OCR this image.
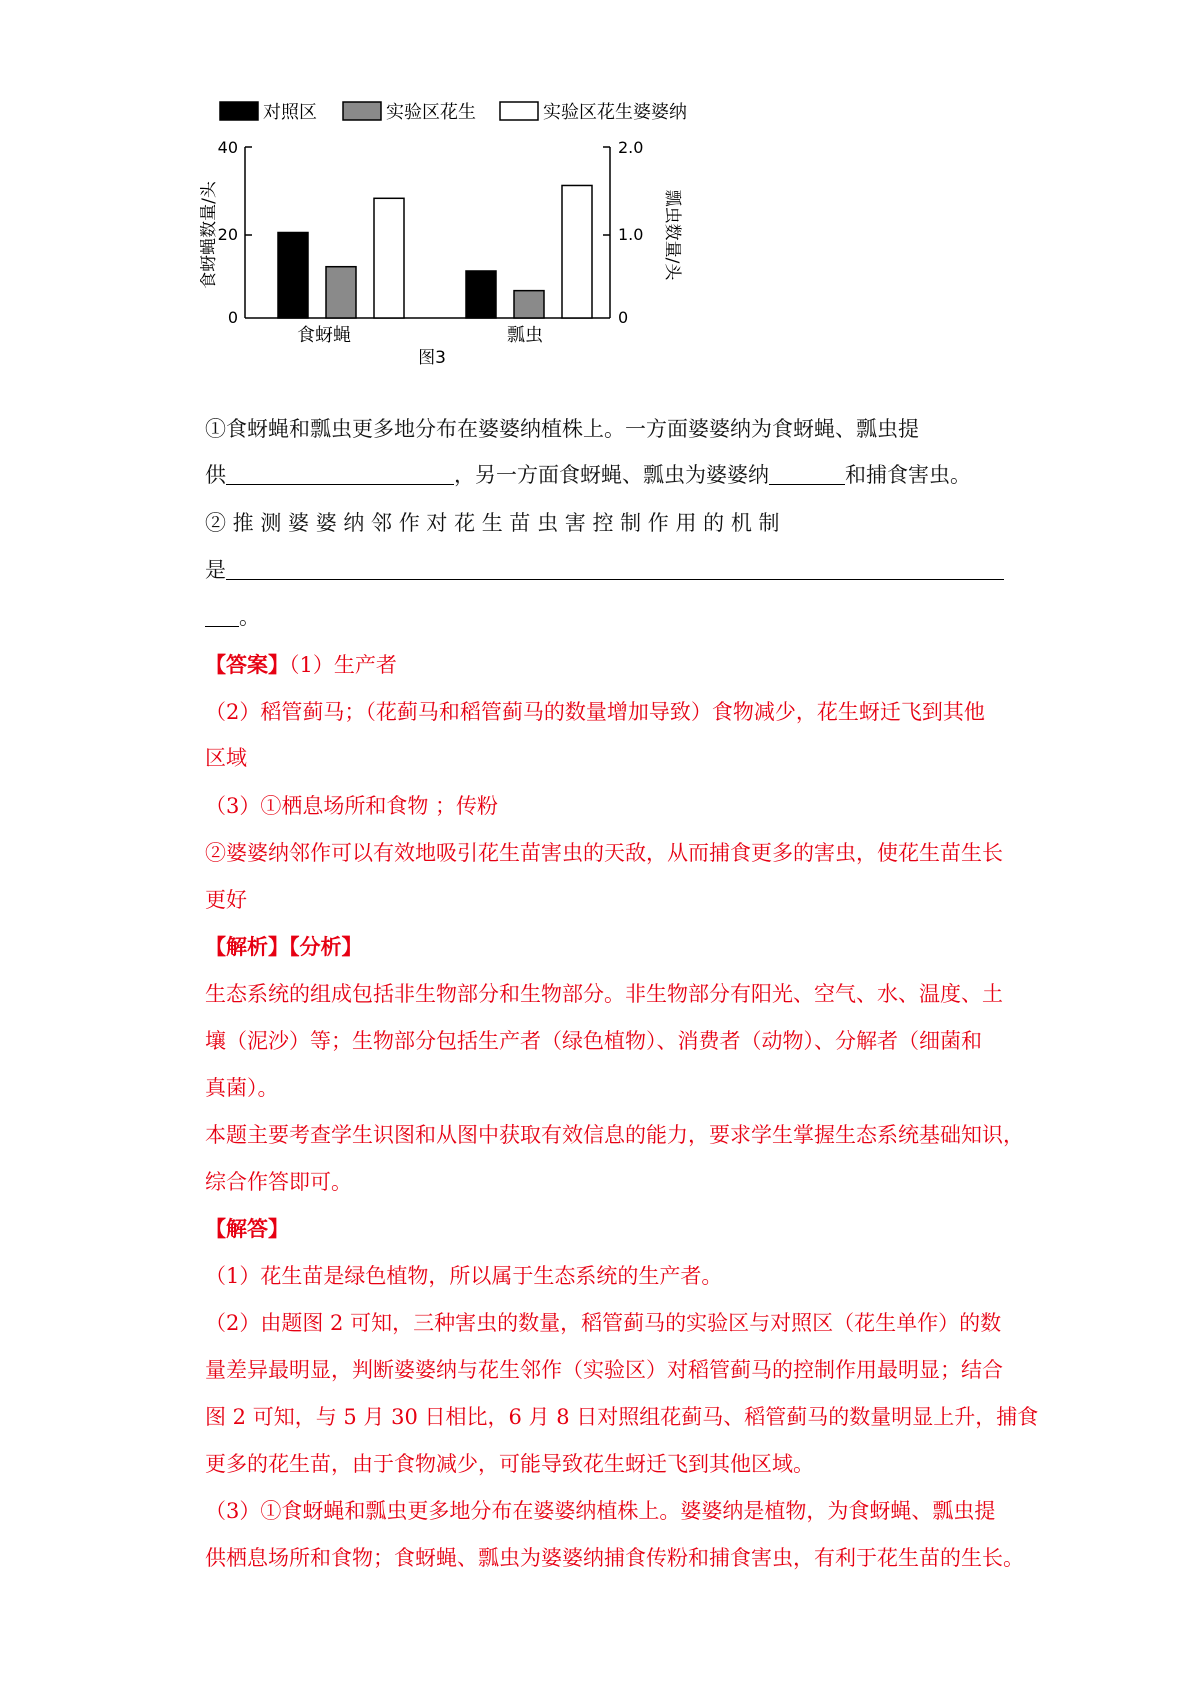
对照区	实验区花生	实验区花生婆婆纳
40
20
0
2.0
1.0
0
食蚜蝇数量/头	瓢虫数量/头
食蚜蝇	瓢虫
图3
①食蚜蝇和瓢虫更多地分布在婆婆纳植株上。一方面婆婆纳为食蚜蝇、瓢虫提
供	，另一方面食蚜蝇、瓢虫为婆婆纳	和捕食害虫。
② 推 测 婆 婆 纳 邻 作 对 花 生 苗 虫 害 控 制 作 用 的 机 制
是
。
【答案】（1）生产者
（2）稻管蓟马；（花蓟马和稻管蓟马的数量增加导致）食物减少，花生蚜迁飞到其他
区域
（3）①栖息场所和食物 ；传粉
②婆婆纳邻作可以有效地吸引花生苗害虫的天敌，从而捕食更多的害虫，使花生苗生长
更好
【解析】【分析】
生态系统的组成包括非生物部分和生物部分。非生物部分有阳光、空气、水、温度、土
壤（泥沙）等；生物部分包括生产者（绿色植物）、消费者（动物）、分解者（细菌和
真菌）。
本题主要考查学生识图和从图中获取有效信息的能力，要求学生掌握生态系统基础知识，
综合作答即可。
【解答】
（1）花生苗是绿色植物，所以属于生态系统的生产者。
（2）由题图 2 可知，三种害虫的数量，稻管蓟马的实验区与对照区（花生单作）的数
量差异最明显，判断婆婆纳与花生邻作（实验区）对稻管蓟马的控制作用最明显；结合
图 2 可知，与 5 月 30 日相比，6 月 8 日对照组花蓟马、稻管蓟马的数量明显上升，捕食
更多的花生苗，由于食物减少，可能导致花生蚜迁飞到其他区域。
（3）①食蚜蝇和瓢虫更多地分布在婆婆纳植株上。婆婆纳是植物，为食蚜蝇、瓢虫提
供栖息场所和食物；食蚜蝇、瓢虫为婆婆纳捕食传粉和捕食害虫，有利于花生苗的生长。
